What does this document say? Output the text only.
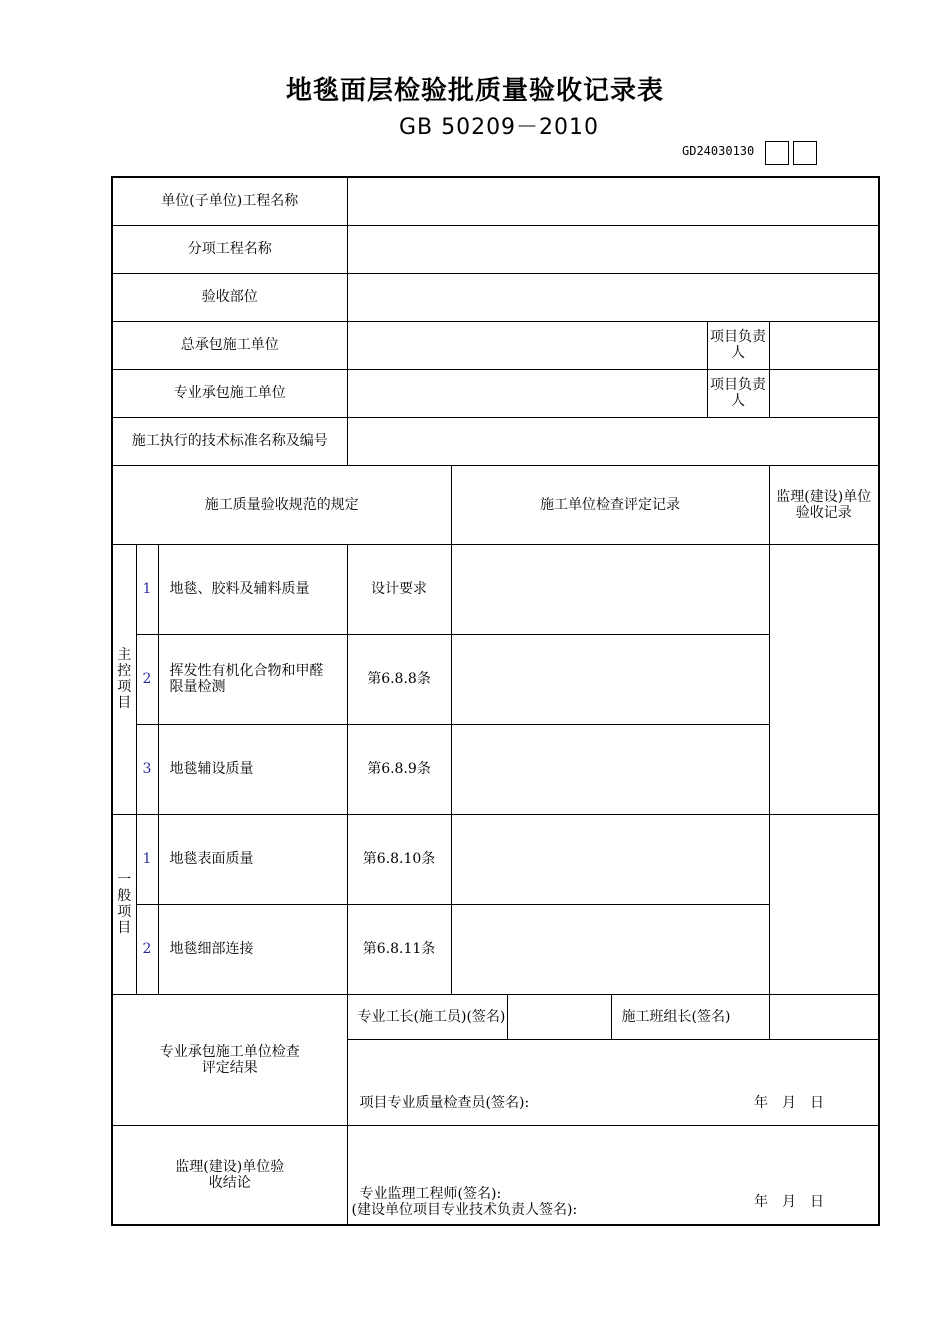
地毯面层检验批质量验收记录表
GB 50209－2010
GD24030130
单位(子单位)工程名称								
分项工程名称								
验收部位								
总承包施工单位							项目负责人	
专业承包施工单位							项目负责人	
施工执行的技术标准名称及编号								
施工质量验收规范的规定				施工单位检查评定记录				监理(建设)单位验收记录

主控项目	1	地毯、胶料及辅料质量	设计要求					
	2	挥发性有机化合物和甲醛限量检测	第6.8.8条					
	3	地毯辅设质量	第6.8.9条					

一般项目	1	地毯表面质量	第6.8.10条					
	2	地毯细部连接	第6.8.11条					

专业承包施工单位检查评定结果			专业工长(施工员)(签名)			施工班组长(签名)		

			项目专业质量检查员(签名): 年　月　日					

监理(建设)单位验收结论			专业监理工程师(签名):
(建设单位项目专业技术负责人签名): 年　月　日					
